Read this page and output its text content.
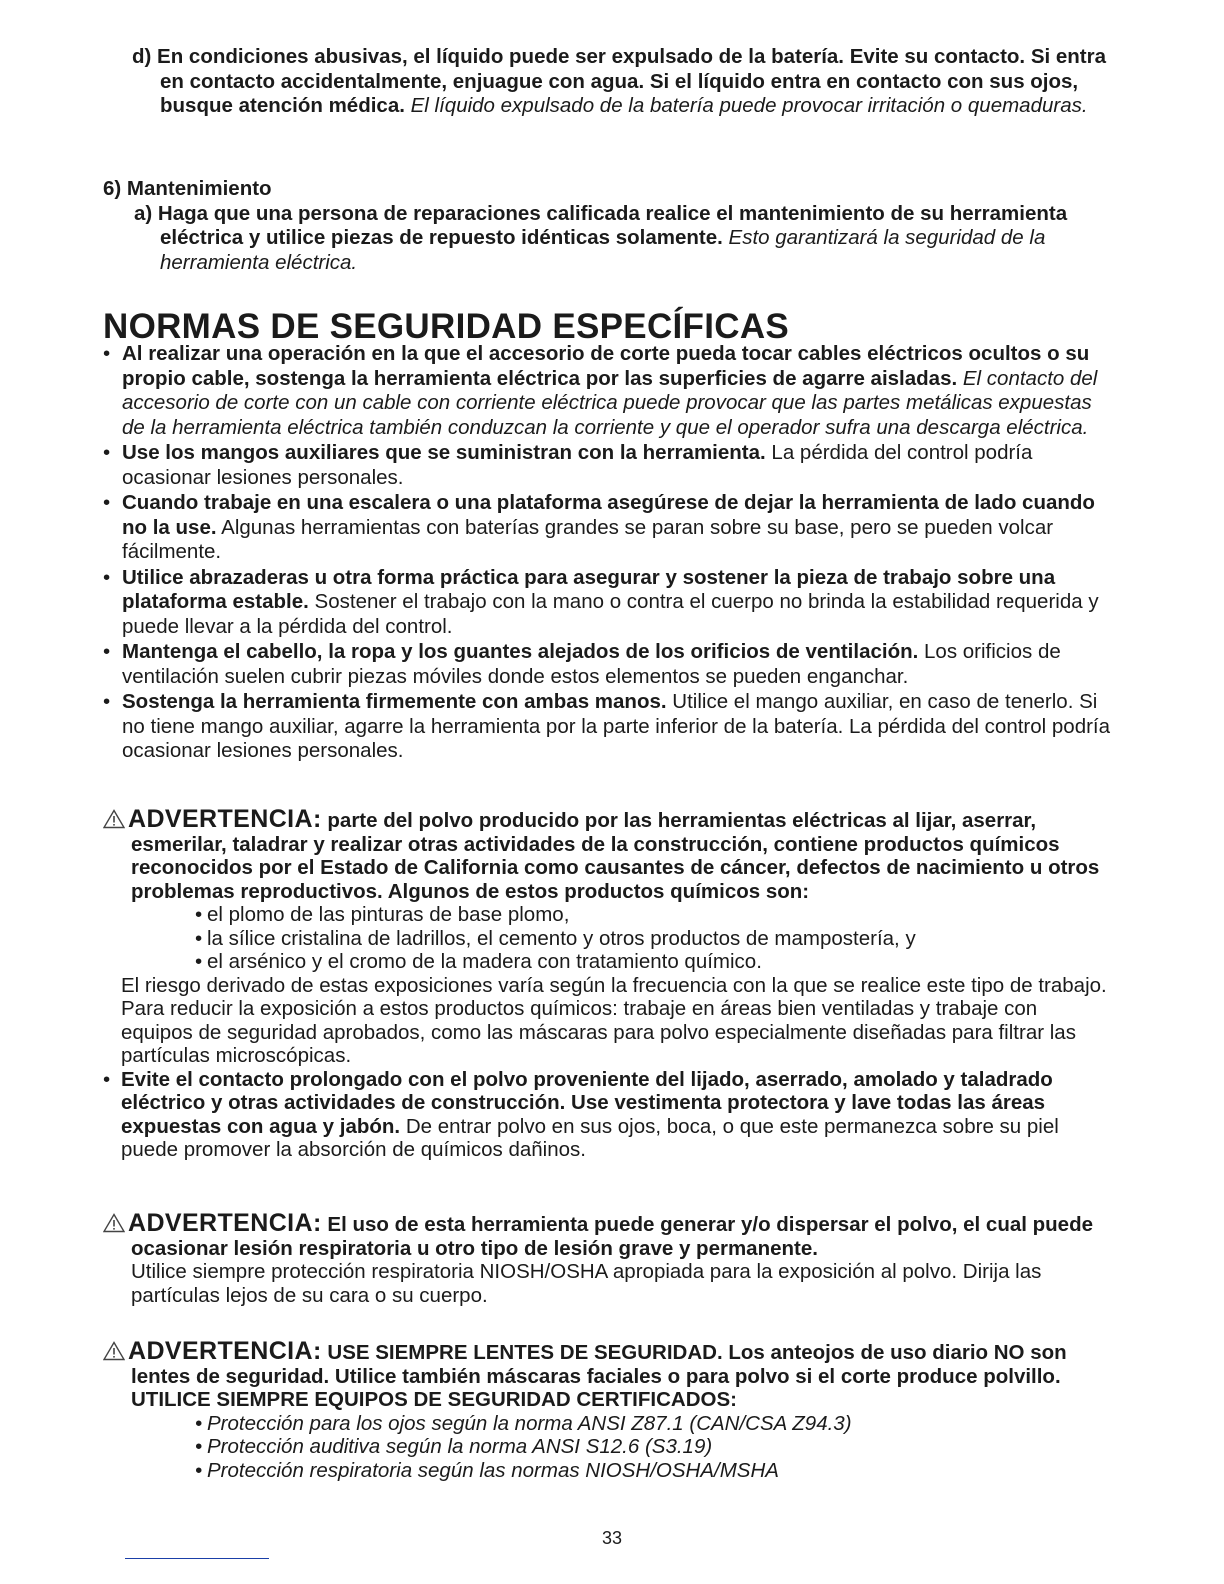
d) En condiciones abusivas, el líquido puede ser expulsado de la batería. Evite su contacto. Si entra en contacto accidentalmente, enjuague con agua. Si el líquido entra en contacto con sus ojos, busque atención médica. El líquido expulsado de la batería puede provocar irritación o quemaduras.

6) Mantenimiento

a) Haga que una persona de reparaciones calificada realice el mantenimiento de su herramienta eléctrica y utilice piezas de repuesto idénticas solamente. Esto garantizará la seguridad de la herramienta eléctrica.

NORMAS DE SEGURIDAD ESPECÍFICAS
• Al realizar una operación en la que el accesorio de corte pueda tocar cables eléctricos ocultos o su propio cable, sostenga la herramienta eléctrica por las superficies de agarre aisladas. El contacto del accesorio de corte con un cable con corriente eléctrica puede provocar que las partes metálicas expuestas de la herramienta eléctrica también conduzcan la corriente y que el operador sufra una descarga eléctrica.
• Use los mangos auxiliares que se suministran con la herramienta. La pérdida del control podría ocasionar lesiones personales.
• Cuando trabaje en una escalera o una plataforma asegúrese de dejar la herramienta de lado cuando no la use. Algunas herramientas con baterías grandes se paran sobre su base, pero se pueden volcar fácilmente.
• Utilice abrazaderas u otra forma práctica para asegurar y sostener la pieza de trabajo sobre una plataforma estable. Sostener el trabajo con la mano o contra el cuerpo no brinda la estabilidad requerida y puede llevar a la pérdida del control.
• Mantenga el cabello, la ropa y los guantes alejados de los orificios de ventilación. Los orificios de ventilación suelen cubrir piezas móviles donde estos elementos se pueden enganchar.
• Sostenga la herramienta firmemente con ambas manos. Utilice el mango auxiliar, en caso de tenerlo. Si no tiene mango auxiliar, agarre la herramienta por la parte inferior de la batería. La pérdida del control podría ocasionar lesiones personales.

ADVERTENCIA: parte del polvo producido por las herramientas eléctricas al lijar, aserrar, esmerilar, taladrar y realizar otras actividades de la construcción, contiene productos químicos reconocidos por el Estado de California como causantes de cáncer, defectos de nacimiento u otros problemas reproductivos. Algunos de estos productos químicos son:

• el plomo de las pinturas de base plomo,
• la sílice cristalina de ladrillos, el cemento y otros productos de mampostería, y
• el arsénico y el cromo de la madera con tratamiento químico.

El riesgo derivado de estas exposiciones varía según la frecuencia con la que se realice este tipo de trabajo. Para reducir la exposición a estos productos químicos: trabaje en áreas bien ventiladas y trabaje con equipos de seguridad aprobados, como las máscaras para polvo especialmente diseñadas para filtrar las partículas microscópicas.

• Evite el contacto prolongado con el polvo proveniente del lijado, aserrado, amolado y taladrado eléctrico y otras actividades de construcción. Use vestimenta protectora y lave todas las áreas expuestas con agua y jabón. De entrar polvo en sus ojos, boca, o que este permanezca sobre su piel puede promover la absorción de químicos dañinos.

ADVERTENCIA: El uso de esta herramienta puede generar y/o dispersar el polvo, el cual puede ocasionar lesión respiratoria u otro tipo de lesión grave y permanente.

Utilice siempre protección respiratoria NIOSH/OSHA apropiada para la exposición al polvo. Dirija las partículas lejos de su cara o su cuerpo.

ADVERTENCIA: USE SIEMPRE LENTES DE SEGURIDAD. Los anteojos de uso diario NO son lentes de seguridad. Utilice también máscaras faciales o para polvo si el corte produce polvillo. UTILICE SIEMPRE EQUIPOS DE SEGURIDAD CERTIFICADOS:

• Protección para los ojos según la norma ANSI Z87.1 (CAN/CSA Z94.3)
• Protección auditiva según la norma ANSI S12.6 (S3.19)
• Protección respiratoria según las normas NIOSH/OSHA/MSHA
33
